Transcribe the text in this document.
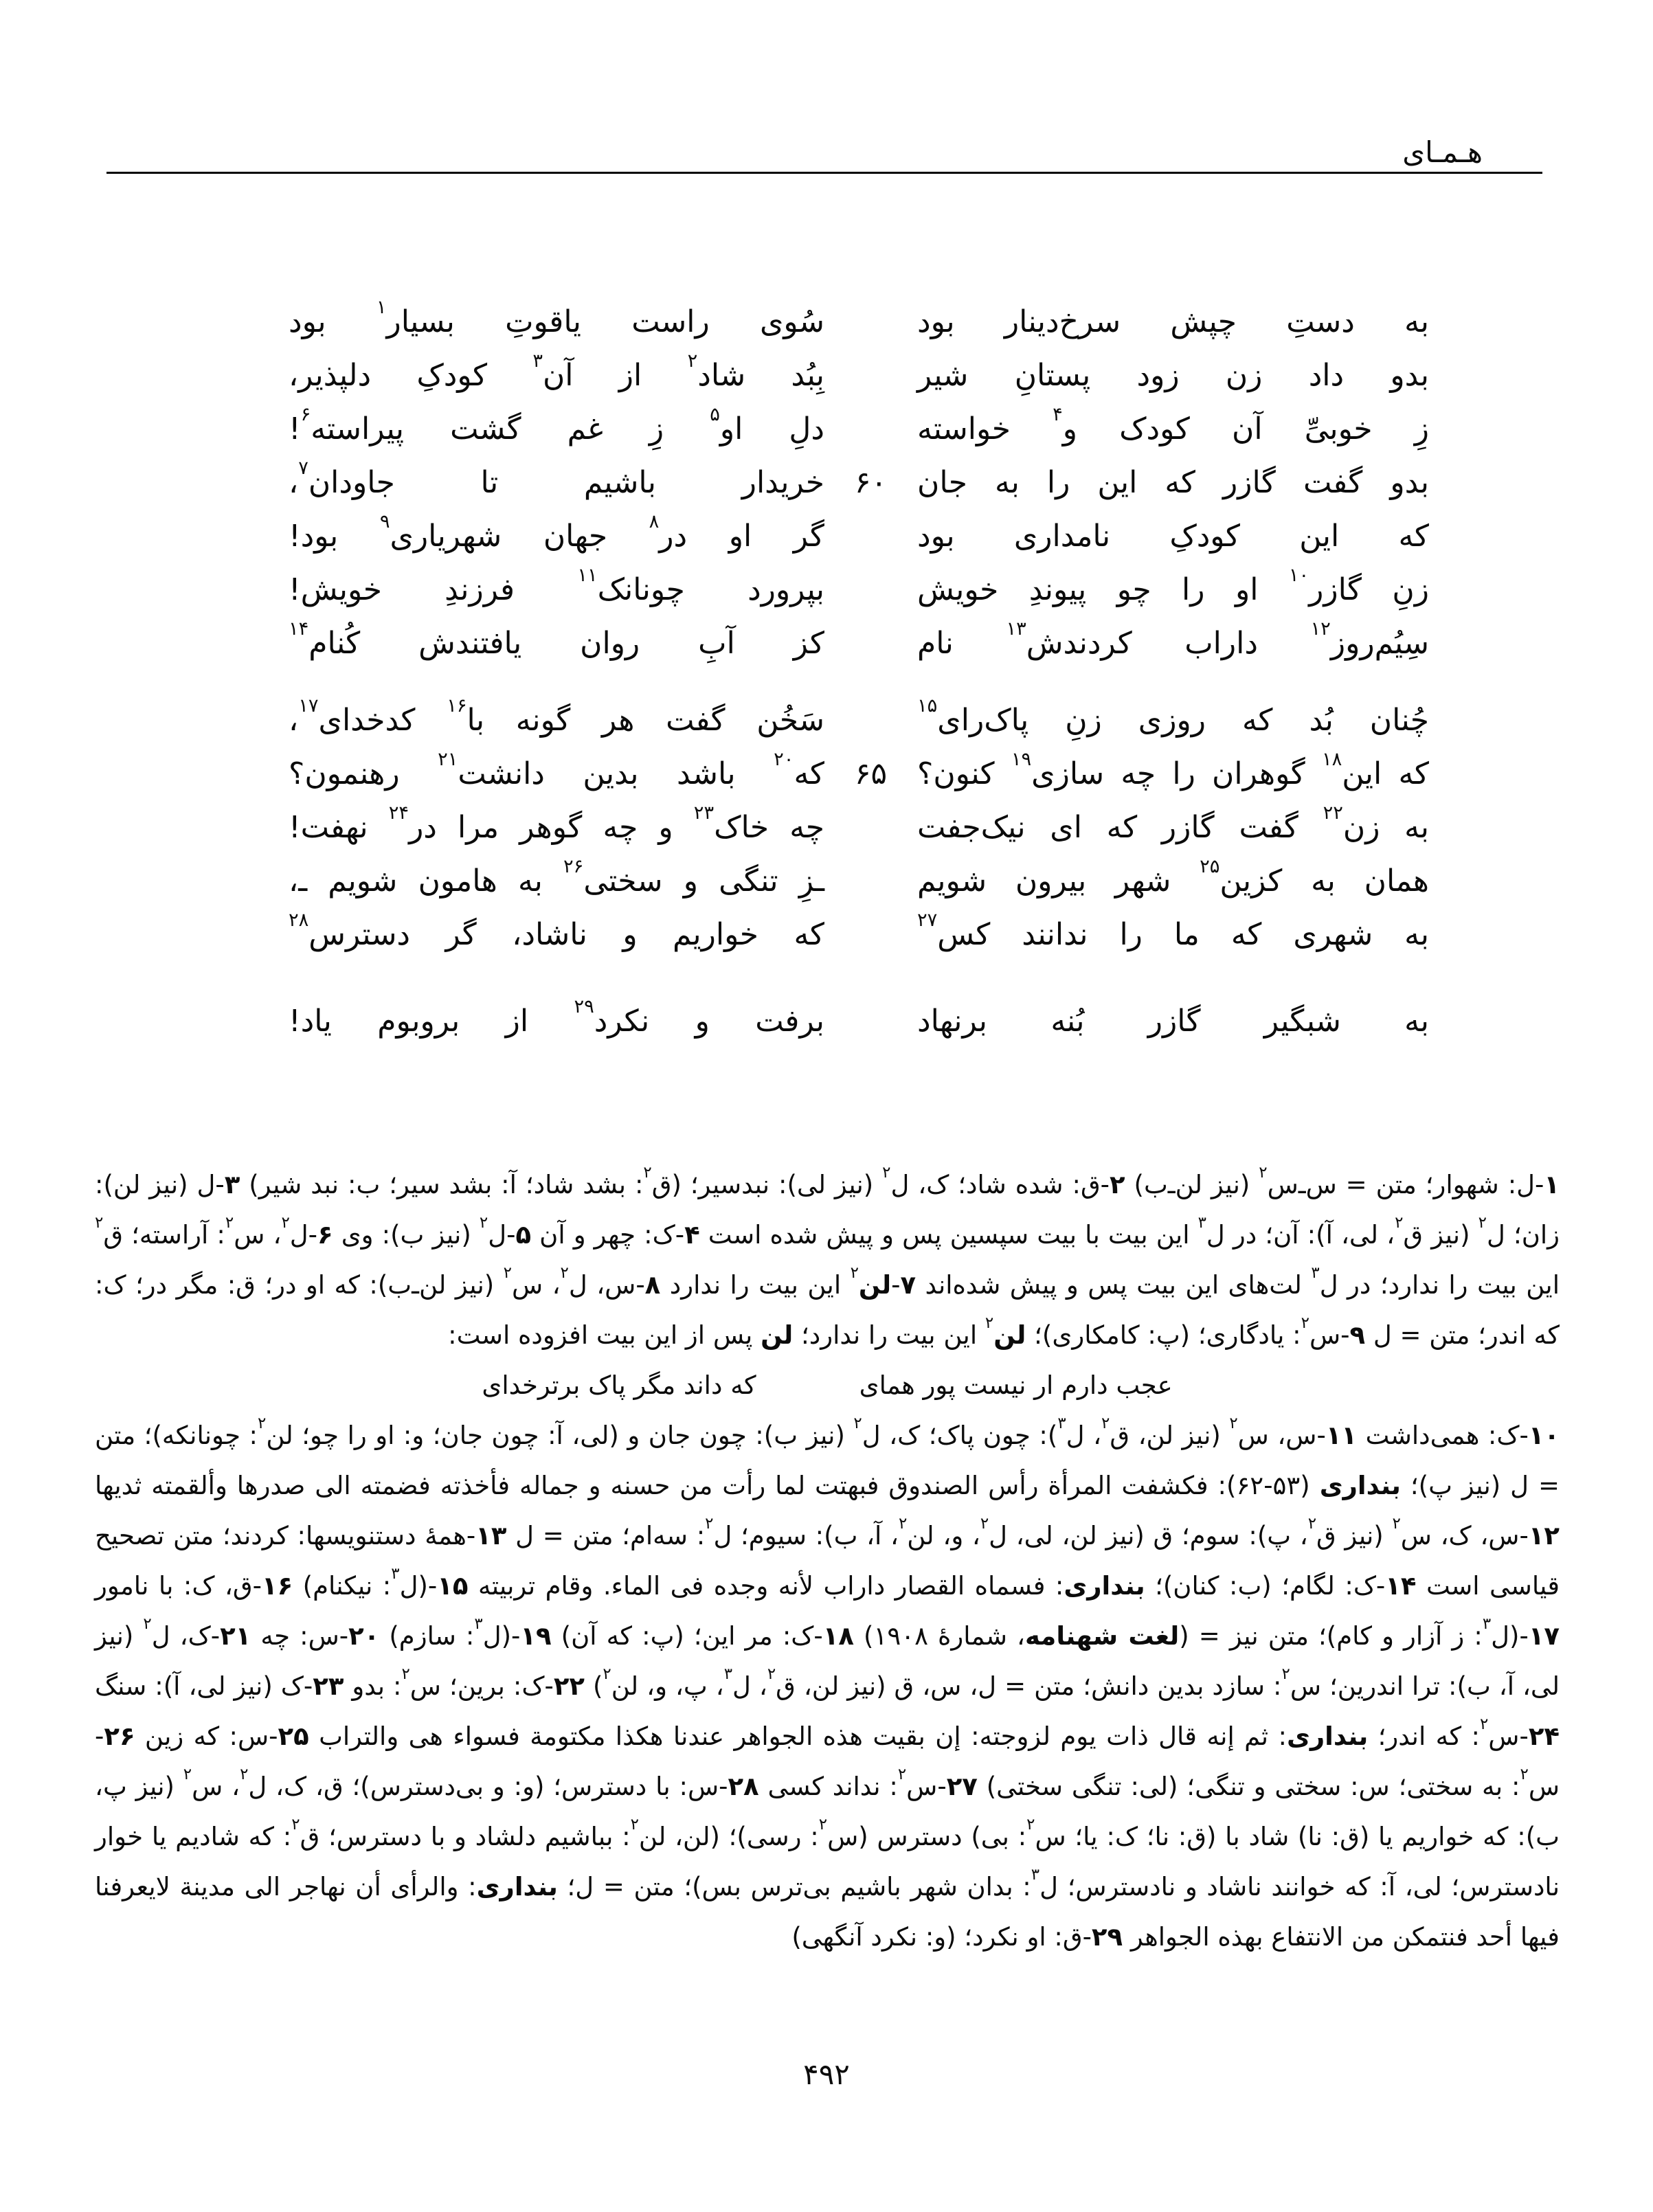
هـمـای
به دستِ چپش سرخ‌دینار بود
سُوی راست یاقوتِ بسیار$^۱$ بود
بدو داد زن زود پستانِ شیر
بِبُد شاد$^۲$ از آن$^۳$ کودکِ دلپذیر،
زِ خوبیِّ آن کودک و$^۴$ خواسته
دلِ او$^۵$ زِ غم گشت پیراسته$^۶$!
بدو گفت گازر که این را به جان
۶۰
خریدار باشیم تا جاودان$^۷$،
که این کودکِ نامداری بود
گر او در$^۸$ جهان شهریاری$^۹$ بود!
زنِ گازر$^{۱۰}$ او را چو پیوندِ خویش
بپرورد چونانک$^{۱۱}$ فرزندِ خویش!
سِیُم‌روز$^{۱۲}$ داراب کردندش$^{۱۳}$ نام
کز آبِ روان یافتندش کُنام$^{۱۴}$
چُنان بُد که روزی زنِ پاک‌رای$^{۱۵}$
سَخُن گفت هر گونه با$^{۱۶}$ کدخدای$^{۱۷}$،
که این$^{۱۸}$ گوهران را چه سازی$^{۱۹}$ کنون؟
۶۵
که$^{۲۰}$ باشد بدین دانشت$^{۲۱}$ رهنمون؟
به زن$^{۲۲}$ گفت گازر که ای نیک‌جفت
چه خاک$^{۲۳}$ و چه گوهر مرا در$^{۲۴}$ نهفت!
همان به کزین$^{۲۵}$ شهر بیرون شویم
ـزِ تنگی و سختی$^{۲۶}$ به هامون شویم ـ،
به شهری که ما را ندانند کس$^{۲۷}$
که خواریم و ناشاد، گر دسترس$^{۲۸}$
به شبگیر گازر بُنه برنهاد
برفت و نکرد$^{۲۹}$ از بروبوم یاد!
۱-ل: شهوار؛ متن = س‌ـ‌س$^۲$ (نیز لن‌ـ‌ب) ۲-ق: شده شاد؛ ک، ل$^۲$ (نیز لی): نبدسیر؛ (ق$^۲$: بشد شاد؛ آ: بشد سیر؛ ب: نبد شیر) ۳-ل (نیز لن): زان؛ ل$^۲$ (نیز ق$^۲$، لی، آ): آن؛ در ل$^۳$ این بیت با بیت سپسین پس و پیش شده است ۴-ک: چهر و آن ۵-ل$^۲$ (نیز ب): وی ۶-ل$^۲$، س$^۲$: آراسته؛ ق$^۲$ این بیت را ندارد؛ در ل$^۳$ لت‌های این بیت پس و پیش شده‌اند ۷-لن$^۲$ این بیت را ندارد ۸-س، ل$^۲$، س$^۲$ (نیز لن‌ـ‌ب): که او در؛ ق: مگر در؛ ک: که اندر؛ متن = ل ۹-س$^۲$: یادگاری؛ (پ: کامکاری)؛ لن$^۲$ این بیت را ندارد؛ لن پس از این بیت افزوده است:
عجب دارم ار نیست پور همای
که داند مگر پاک برترخدای
۱۰-ک: همی‌داشت ۱۱-س، س$^۲$ (نیز لن، ق$^۲$، ل$^۳$): چون پاک؛ ک، ل$^۲$ (نیز ب): چون جان و (لی، آ: چون جان؛ و: او را چو؛ لن$^۲$: چونانکه)؛ متن = ل (نیز پ)؛ بنداری (۵۳-۶۲): فکشفت المرأة رأس الصندوق فبهتت لما رأت من حسنه و جماله فأخذته فضمته الی صدرها وألقمته ثدیها ۱۲-س، ک، س$^۲$ (نیز ق$^۲$، پ): سوم؛ ق (نیز لن، لی، ل$^۲$، و، لن$^۲$، آ، ب): سیوم؛ ل$^۲$: سه‌ام؛ متن = ل ۱۳-همهٔ دستنویسها: کردند؛ متن تصحیح قیاسی است ۱۴-ک: لگام؛ (ب: کنان)؛ بنداری: فسماه القصار داراب لأنه وجده فی الماء. وقام تربیته ۱۵-(ل$^۳$: نیکنام) ۱۶-ق، ک: با نامور ۱۷-(ل$^۳$: ز آزار و کام)؛ متن نیز = (لغت شهنامه، شمارهٔ ۱۹۰۸) ۱۸-ک: مر این؛ (پ: که آن) ۱۹-(ل$^۳$: سازم) ۲۰-س: چه ۲۱-ک، ل$^۲$ (نیز لی، آ، ب): ترا اندرین؛ س$^۲$: سازد بدین دانش؛ متن = ل، س، ق (نیز لن، ق$^۲$، ل$^۳$، پ، و، لن$^۲$) ۲۲-ک: برین؛ س$^۲$: بدو ۲۳-ک (نیز لی، آ): سنگ ۲۴-س$^۲$: که اندر؛ بنداری: ثم إنه قال ذات یوم لزوجته: إن بقیت هذه الجواهر عندنا هکذا مکتومة فسواء هی والتراب ۲۵-س: که زین ۲۶-س$^۲$: به سختی؛ س: سختی و تنگی؛ (لی: تنگی سختی) ۲۷-س$^۲$: نداند کسی ۲۸-س: با دسترس؛ (و: و بی‌دسترس)؛ ق، ک، ل$^۲$، س$^۲$ (نیز پ، ب): که خواریم یا (ق: نا) شاد با (ق: نا؛ ک: یا؛ س$^۲$: بی) دسترس (س$^۲$: رسی)؛ (لن، لن$^۲$: بباشیم دلشاد و با دسترس؛ ق$^۲$: که شادیم یا خوار نادسترس؛ لی، آ: که خوانند ناشاد و نادسترس؛ ل$^۳$: بدان شهر باشیم بی‌ترس بس)؛ متن = ل؛ بنداری: والرأی أن نهاجر الی مدینة لایعرفنا فیها أحد فنتمکن من الانتفاع بهذه الجواهر ۲۹-ق: او نکرد؛ (و: نکرد آنگهی)
۴۹۲
